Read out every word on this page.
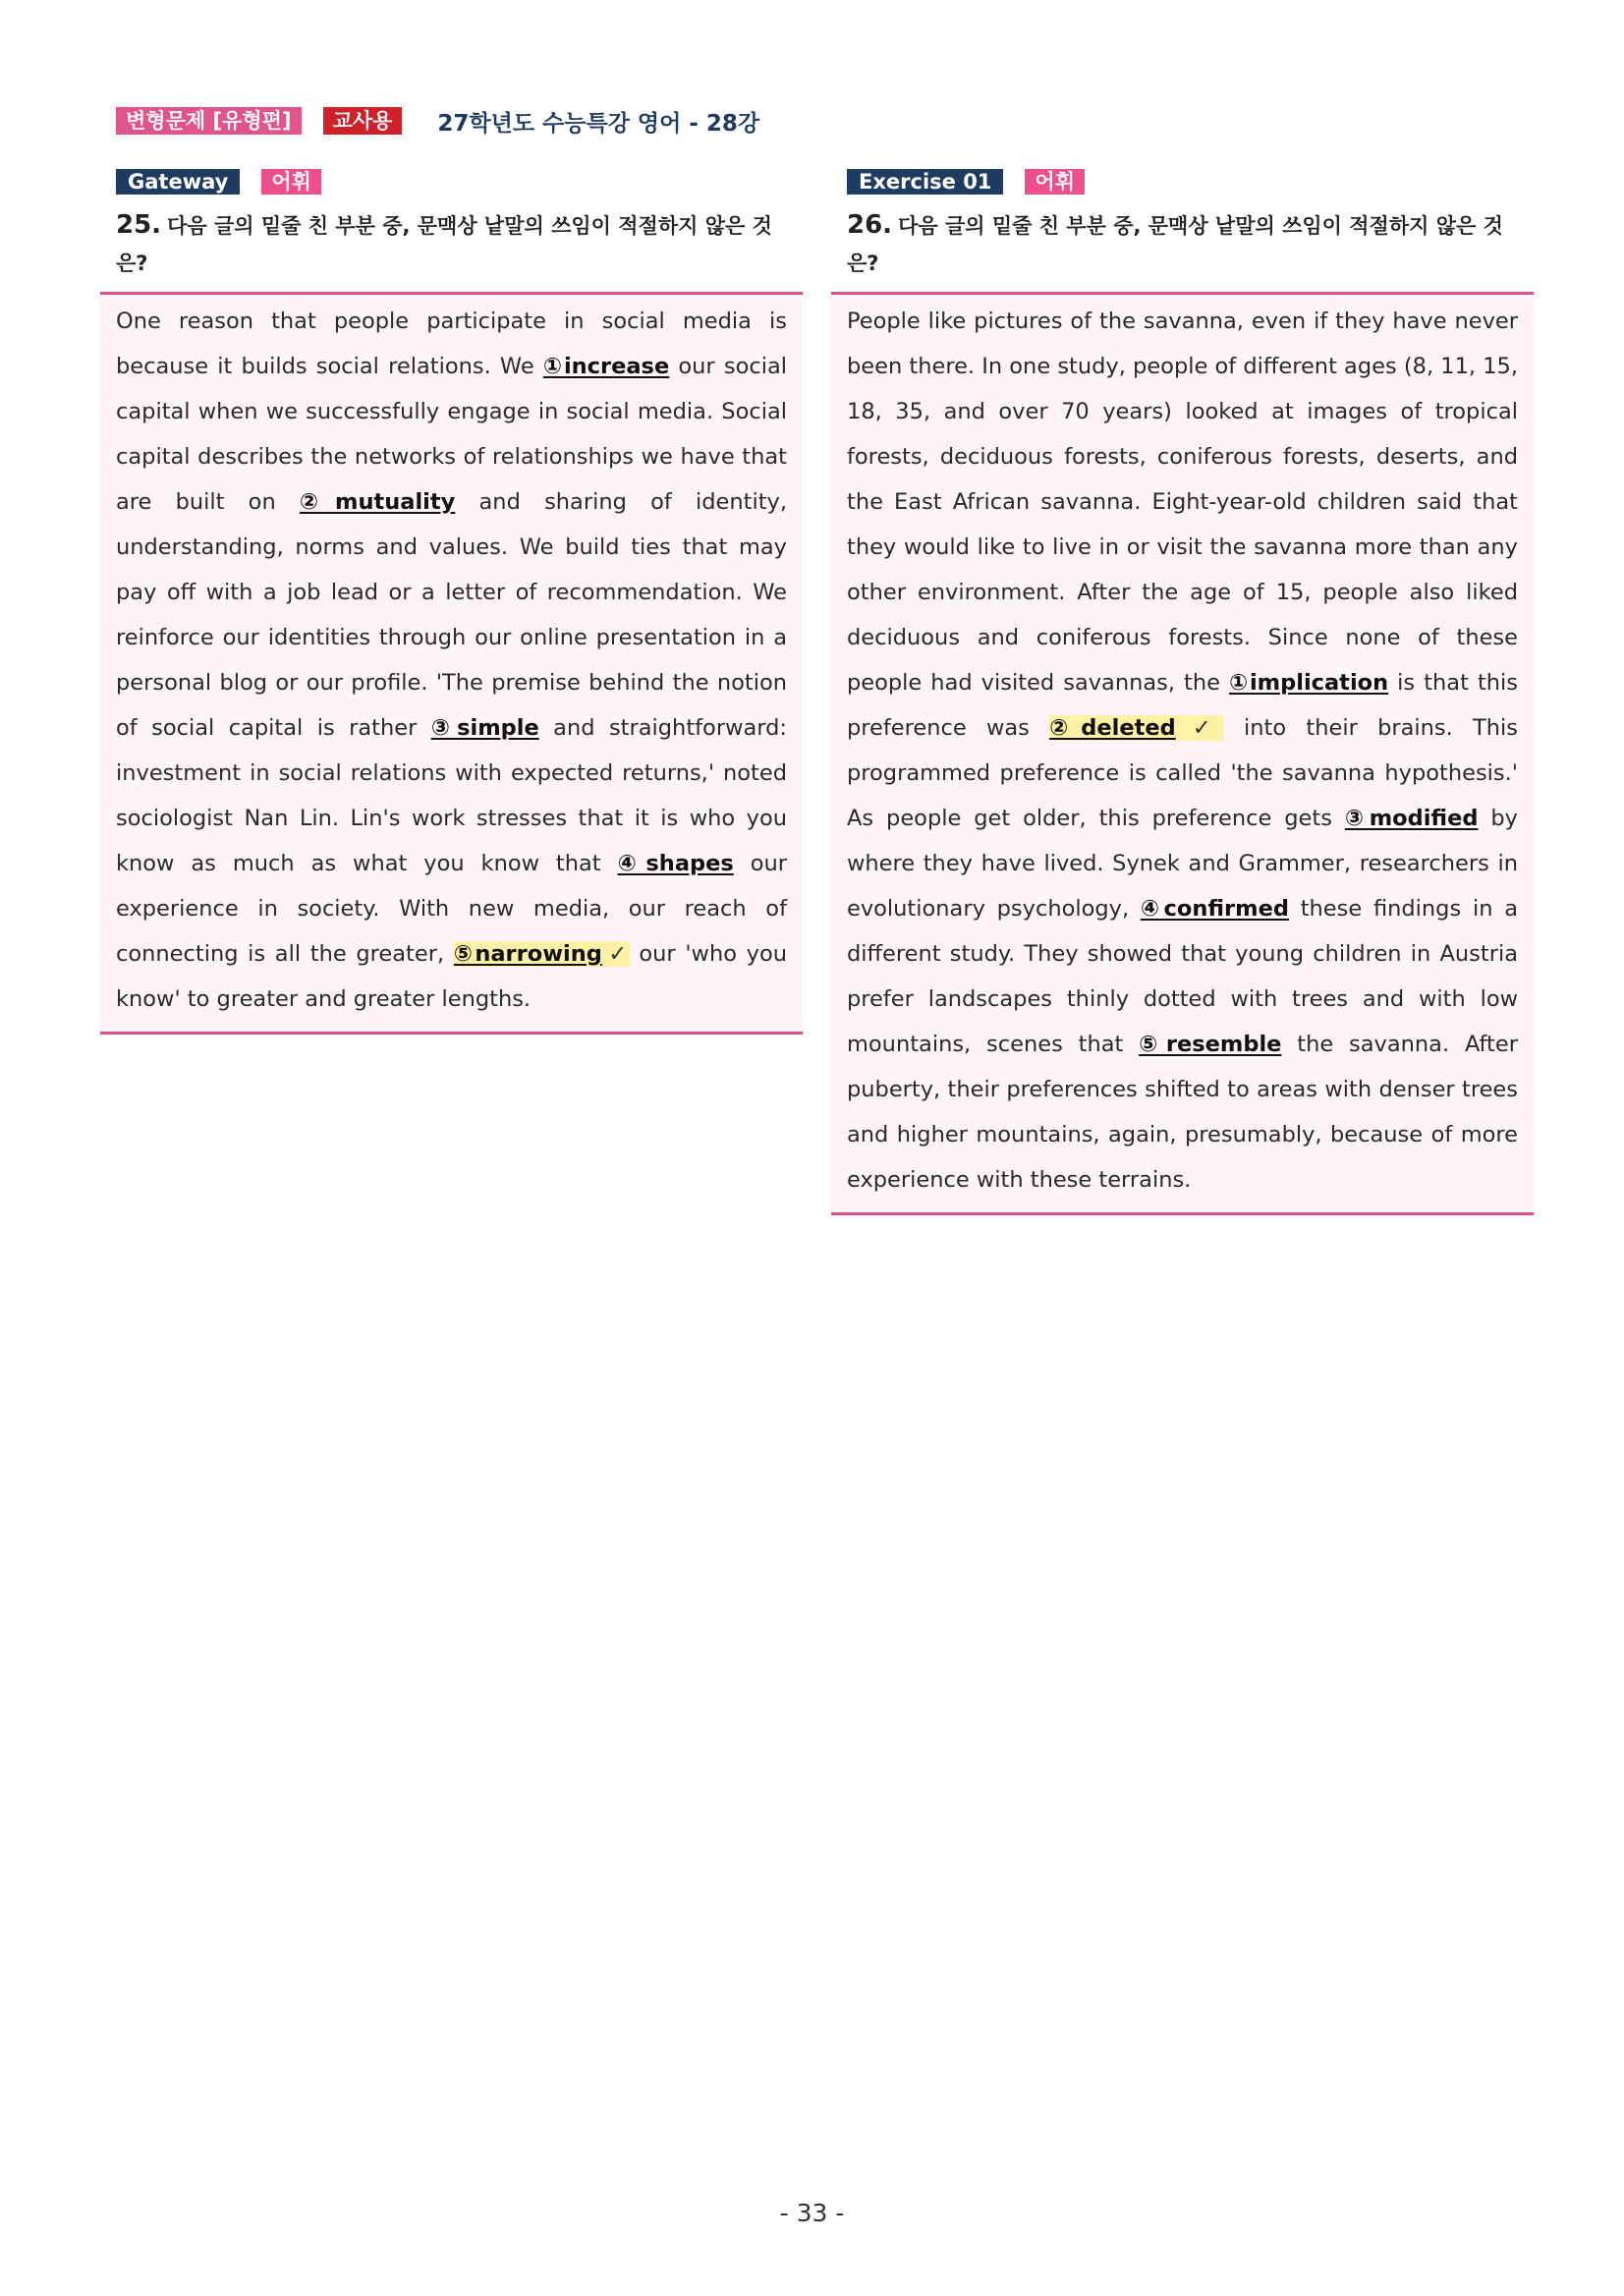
변형문제 [유형편]	교사용	27학년도 수능특강 영어 - 28강
Gateway	어휘
25. 다음 글의 밑줄 친 부분 중, 문맥상 낱말의 쓰임이 적절하지 않은 것은?
One reason that people participate in social media is because it builds social relations. We ①increase our social capital when we successfully engage in social media. Social capital describes the networks of relationships we have that are built on ②mutuality and sharing of identity, understanding, norms and values. We build ties that may pay off with a job lead or a letter of recommendation. We reinforce our identities through our online presentation in a personal blog or our profile. 'The premise behind the notion of social capital is rather ③simple and straightforward: investment in social relations with expected returns,' noted sociologist Nan Lin. Lin's work stresses that it is who you know as much as what you know that ④shapes our experience in society. With new media, our reach of connecting is all the greater, ⑤narrowing ✓ our 'who you know' to greater and greater lengths.
Exercise 01	어휘
26. 다음 글의 밑줄 친 부분 중, 문맥상 낱말의 쓰임이 적절하지 않은 것은?
People like pictures of the savanna, even if they have never been there. In one study, people of different ages (8, 11, 15, 18, 35, and over 70 years) looked at images of tropical forests, deciduous forests, coniferous forests, deserts, and the East African savanna. Eight-year-old children said that they would like to live in or visit the savanna more than any other environment. After the age of 15, people also liked deciduous and coniferous forests. Since none of these people had visited savannas, the ①implication is that this preference was ②deleted ✓ into their brains. This programmed preference is called 'the savanna hypothesis.' As people get older, this preference gets ③modified by where they have lived. Synek and Grammer, researchers in evolutionary psychology, ④confirmed these findings in a different study. They showed that young children in Austria prefer landscapes thinly dotted with trees and with low mountains, scenes that ⑤resemble the savanna. After puberty, their preferences shifted to areas with denser trees and higher mountains, again, presumably, because of more experience with these terrains.
- 33 -
